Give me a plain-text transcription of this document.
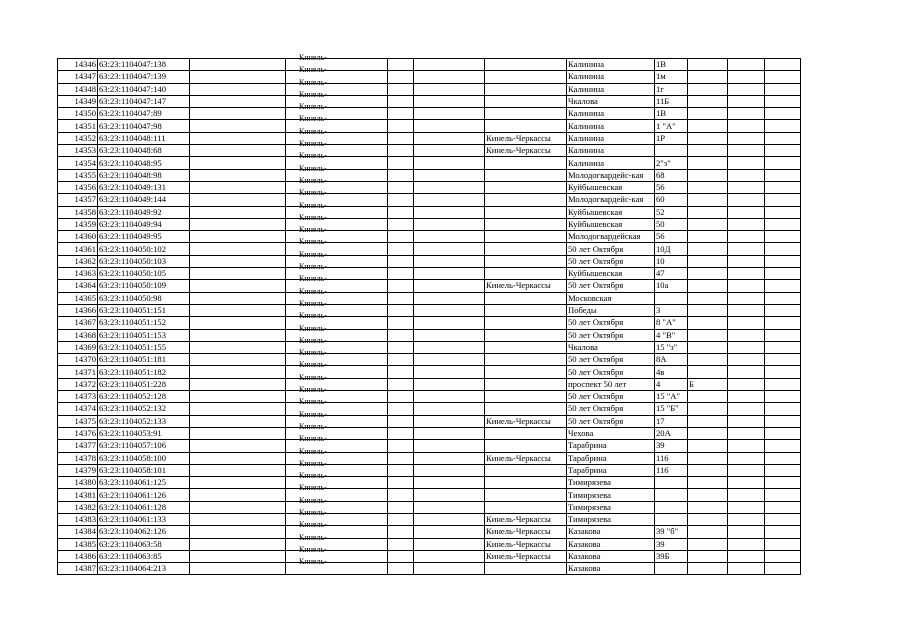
14346	63:23:1104047:138		Кинель-				Калинина	1В			
14347	63:23:1104047:139		Кинель-				Калинина	1м			
14348	63:23:1104047:140		Кинель-				Калинина	1г			
14349	63:23:1104047:147		Кинель-				Чкалова	11Б			
14350	63:23:1104047:89		Кинель-				Калинина	1В			
14351	63:23:1104047:98		Кинель-				Калинина	1 "А"			
14352	63:23:1104048:111		Кинель-			Кинель-Черкассы	Калинина	1Р			
14353	63:23:1104048:68		Кинель-			Кинель-Черкассы	Калинина				
14354	63:23:1104048:95		Кинель-				Калинина	2"з"			
14355	63:23:1104048:98		Кинель-				Молодогвардейс-кая	68			
14356	63:23:1104049:131		Кинель-				Куйбышевская	56			
14357	63:23:1104049:144		Кинель-				Молодогвардейс-кая	60			
14358	63:23:1104049:92		Кинель-				Куйбышевская	52			
14359	63:23:1104049:94		Кинель-				Куйбышевская	50			
14360	63:23:1104049:95		Кинель-				Молодогвардейская	56			
14361	63:23:1104050:102		Кинель-				50 лет Октября	10Д			
14362	63:23:1104050:103		Кинель-				50 лет Октября	10			
14363	63:23:1104050:105		Кинель-				Куйбышевская	47			
14364	63:23:1104050:109		Кинель-			Кинель-Черкассы	50 лет Октября	10а			
14365	63:23:1104050:98		Кинель-				Московская				
14366	63:23:1104051:151		Кинель-				Победы	3			
14367	63:23:1104051:152		Кинель-				50 лет Октября	8 "А"			
14368	63:23:1104051:153		Кинель-				50 лет Октября	4 "В"			
14369	63:23:1104051:155		Кинель-				Чкалова	15 "з"			
14370	63:23:1104051:181		Кинель-				50 лет Октября	8А			
14371	63:23:1104051:182		Кинель-				50 лет Октября	4в			
14372	63:23:1104051:228		Кинель-				проспект 50 лет	4	Б		
14373	63:23:1104052:128		Кинель-				50 лет Октября	15 "А"			
14374	63:23:1104052:132		Кинель-				50 лет Октября	15 "Б"			
14375	63:23:1104052:133		Кинель-			Кинель-Черкассы	50 лет Октября	17			
14376	63:23:1104053:91		Кинель-				Чехова	20А			
14377	63:23:1104057:106		Кинель-				Тарабрина	39			
14378	63:23:1104058:100		Кинель-			Кинель-Черкассы	Тарабрина	116			
14379	63:23:1104058:101		Кинель-				Тарабрина	116			
14380	63:23:1104061:125		Кинель-				Тимирязева				
14381	63:23:1104061:126		Кинель-				Тимирязева				
14382	63:23:1104061:128		Кинель-				Тимирязева				
14383	63:23:1104061:133		Кинель-			Кинель-Черкассы	Тимирязева				
14384	63:23:1104062:126		Кинель-			Кинель-Черкассы	Казакова	39 "б"			
14385	63:23:1104063:58		Кинель-			Кинель-Черкассы	Казакова	39			
14386	63:23:1104063:85		Кинель-			Кинель-Черкассы	Казакова	39Б			
14387	63:23:1104064:213		Кинель-				Казакова				
